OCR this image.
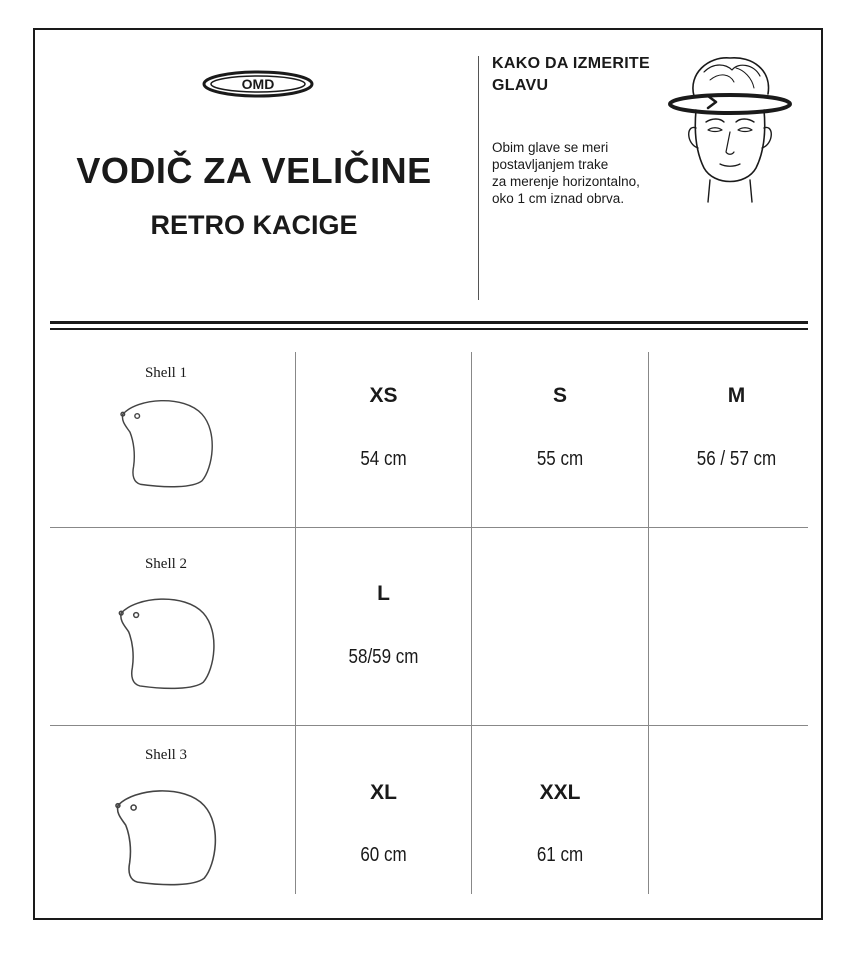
OMD
VODIČ ZA VELIČINE
RETRO KACIGE
KAKO DA IZMERITE
GLAVU
Obim glave se meri
postavljanjem trake
za merenje horizontalno,
oko 1 cm iznad obrva.
Shell 1
XS
54 cm
S
55 cm
M
56 / 57 cm
Shell 2
L
58/59 cm
Shell 3
XL
60 cm
XXL
61 cm
